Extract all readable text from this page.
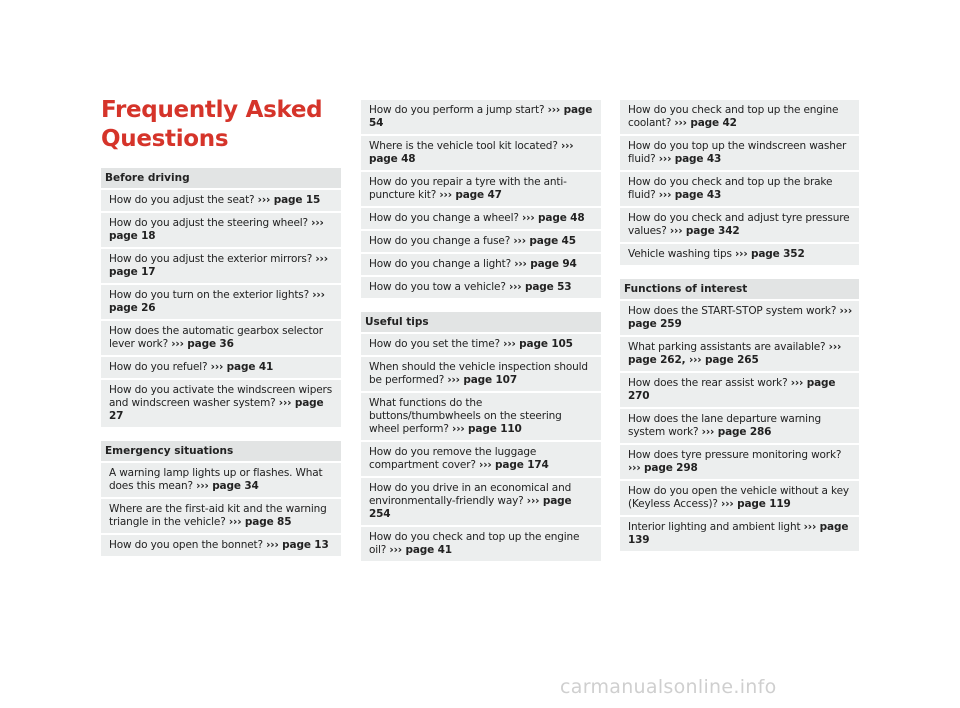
Frequently Asked Questions
Before driving
How do you adjust the seat? ››› page 15
How do you adjust the steering wheel? ››› page 18
How do you adjust the exterior mirrors? ››› page 17
How do you turn on the exterior lights? ››› page 26
How does the automatic gearbox selector lever work? ››› page 36
How do you refuel? ››› page 41
How do you activate the windscreen wipers and windscreen washer system? ››› page 27
Emergency situations
A warning lamp lights up or flashes. What does this mean? ››› page 34
Where are the first-aid kit and the warning triangle in the vehicle? ››› page 85
How do you open the bonnet? ››› page 13
How do you perform a jump start? ››› page 54
Where is the vehicle tool kit located? ››› page 48
How do you repair a tyre with the anti-puncture kit? ››› page 47
How do you change a wheel? ››› page 48
How do you change a fuse? ››› page 45
How do you change a light? ››› page 94
How do you tow a vehicle? ››› page 53
Useful tips
How do you set the time? ››› page 105
When should the vehicle inspection should be performed? ››› page 107
What functions do the buttons/thumbwheels on the steering wheel perform? ››› page 110
How do you remove the luggage compartment cover? ››› page 174
How do you drive in an economical and environmentally-friendly way? ››› page 254
How do you check and top up the engine oil? ››› page 41
How do you check and top up the engine coolant? ››› page 42
How do you top up the windscreen washer fluid? ››› page 43
How do you check and top up the brake fluid? ››› page 43
How do you check and adjust tyre pressure values? ››› page 342
Vehicle washing tips ››› page 352
Functions of interest
How does the START-STOP system work? ››› page 259
What parking assistants are available? ››› page 262, ››› page 265
How does the rear assist work? ››› page 270
How does the lane departure warning system work? ››› page 286
How does tyre pressure monitoring work? ››› page 298
How do you open the vehicle without a key (Keyless Access)? ››› page 119
Interior lighting and ambient light ››› page 139
carmanualsonline.info
